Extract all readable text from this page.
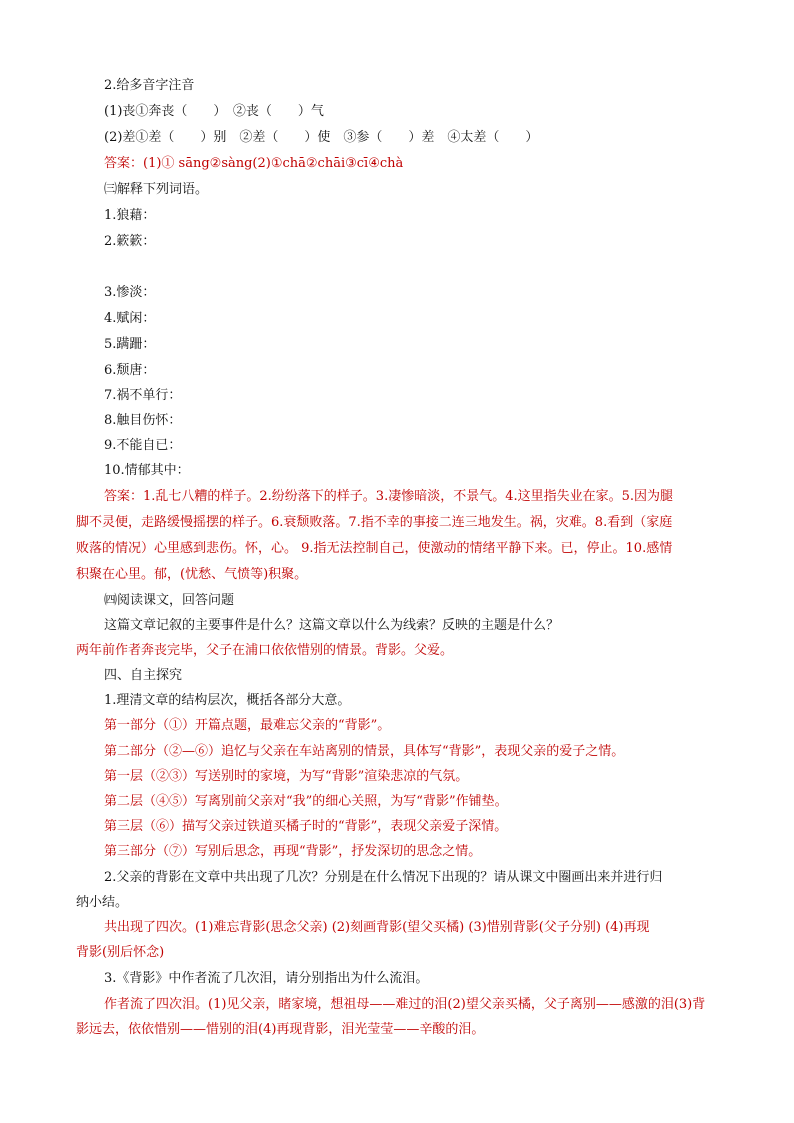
2.给多音字注音
(1)丧①奔丧（　　）　②丧（　　）气
(2)差①差（　　）别　②差（　　）使　③参（　　）差　④太差（　　）
答案：(1)① sāng②sàng(2)①chā②chāi③cī④chà
㈢解释下列词语。
1.狼藉：
2.簌簌：
3.惨淡：
4.赋闲：
5.蹒跚：
6.颓唐：
7.祸不单行：
8.触目伤怀：
9.不能自已：
10.情郁其中：
答案：1.乱七八糟的样子。2.纷纷落下的样子。3.凄惨暗淡，不景气。4.这里指失业在家。5.因为腿
脚不灵便，走路缓慢摇摆的样子。6.衰颓败落。7.指不幸的事接二连三地发生。祸，灾难。8.看到（家庭
败落的情况）心里感到悲伤。怀，心。 9.指无法控制自己，使激动的情绪平静下来。已，停止。10.感情
积聚在心里。郁，(忧愁、气愤等)积聚。
㈣阅读课文，回答问题
这篇文章记叙的主要事件是什么？这篇文章以什么为线索？反映的主题是什么？
两年前作者奔丧完毕，父子在浦口依依惜别的情景。背影。父爱。
四、自主探究
1.理清文章的结构层次，概括各部分大意。
第一部分（①）开篇点题，最难忘父亲的“背影”。
第二部分（②—⑥）追忆与父亲在车站离别的情景，具体写“背影”，表现父亲的爱子之情。
第一层（②③）写送别时的家境，为写“背影”渲染悲凉的气氛。
第二层（④⑤）写离别前父亲对“我”的细心关照，为写“背影”作铺垫。
第三层（⑥）描写父亲过铁道买橘子时的“背影”，表现父亲爱子深情。
第三部分（⑦）写别后思念，再现“背影”，抒发深切的思念之情。
2.父亲的背影在文章中共出现了几次？分别是在什么情况下出现的？请从课文中圈画出来并进行归
纳小结。
共出现了四次。(1)难忘背影(思念父亲) (2)刻画背影(望父买橘) (3)惜别背影(父子分别) (4)再现
背影(别后怀念)
3.《背影》中作者流了几次泪，请分别指出为什么流泪。
作者流了四次泪。(1)见父亲，睹家境，想祖母——难过的泪(2)望父亲买橘，父子离别——感激的泪(3)背
影远去，依依惜别——惜别的泪(4)再现背影，泪光莹莹——辛酸的泪。
